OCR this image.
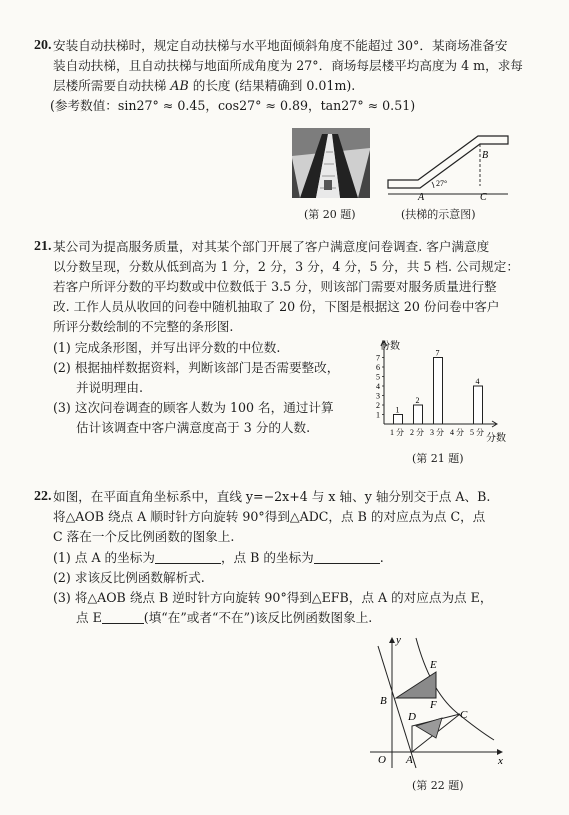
20. 安装自动扶梯时，规定自动扶梯与水平地面倾斜角度不能超过 30°．某商场准备安
装自动扶梯，且自动扶梯与地面所成角度为 27°．商场每层楼平均高度为 4 m，求每
层楼所需要自动扶梯 AB 的长度 (结果精确到 0.01m).
(参考数值：sin27° ≈ 0.45，cos27° ≈ 0.89，tan27° ≈ 0.51)
(第 20 题)
A
B
C
27°
(扶梯的示意图)
21. 某公司为提高服务质量，对其某个部门开展了客户满意度问卷调查. 客户满意度
以分数呈现，分数从低到高为 1 分，2 分，3 分，4 分，5 分，共 5 档. 公司规定：
若客户所评分数的平均数或中位数低于 3.5 分，则该部门需要对服务质量进行整
改. 工作人员从收回的问卷中随机抽取了 20 份，下图是根据这 20 份问卷中客户
所评分数绘制的不完整的条形图.
(1) 完成条形图，并写出评分数的中位数.
(2) 根据抽样数据资料，判断该部门是否需要整改，
并说明理由.
(3) 这次问卷调查的顾客人数为 100 名，通过计算
估计该调查中客户满意度高于 3 分的人数.
份数
分数
1
2
3
4
5
6
7
1
2
7
4
1 分 2 分 3 分 4 分 5 分
(第 21 题)
22. 如图，在平面直角坐标系中，直线 y=−2x+4 与 x 轴、y 轴分别交于点 A、B.
将△AOB 绕点 A 顺时针方向旋转 90°得到△ADC，点 B 的对应点为点 C，点
C 落在一个反比例函数的图象上.
(1) 点 A 的坐标为	，点 B 的坐标为	.
(2) 求该反比例函数解析式.
(3) 将△AOB 绕点 B 逆时针方向旋转 90°得到△EFB，点 A 的对应点为点 E，
点 E	(填“在”或者“不在”)该反比例函数图象上.
y
x
O A
B
C
D
E
F
(第 22 题)
